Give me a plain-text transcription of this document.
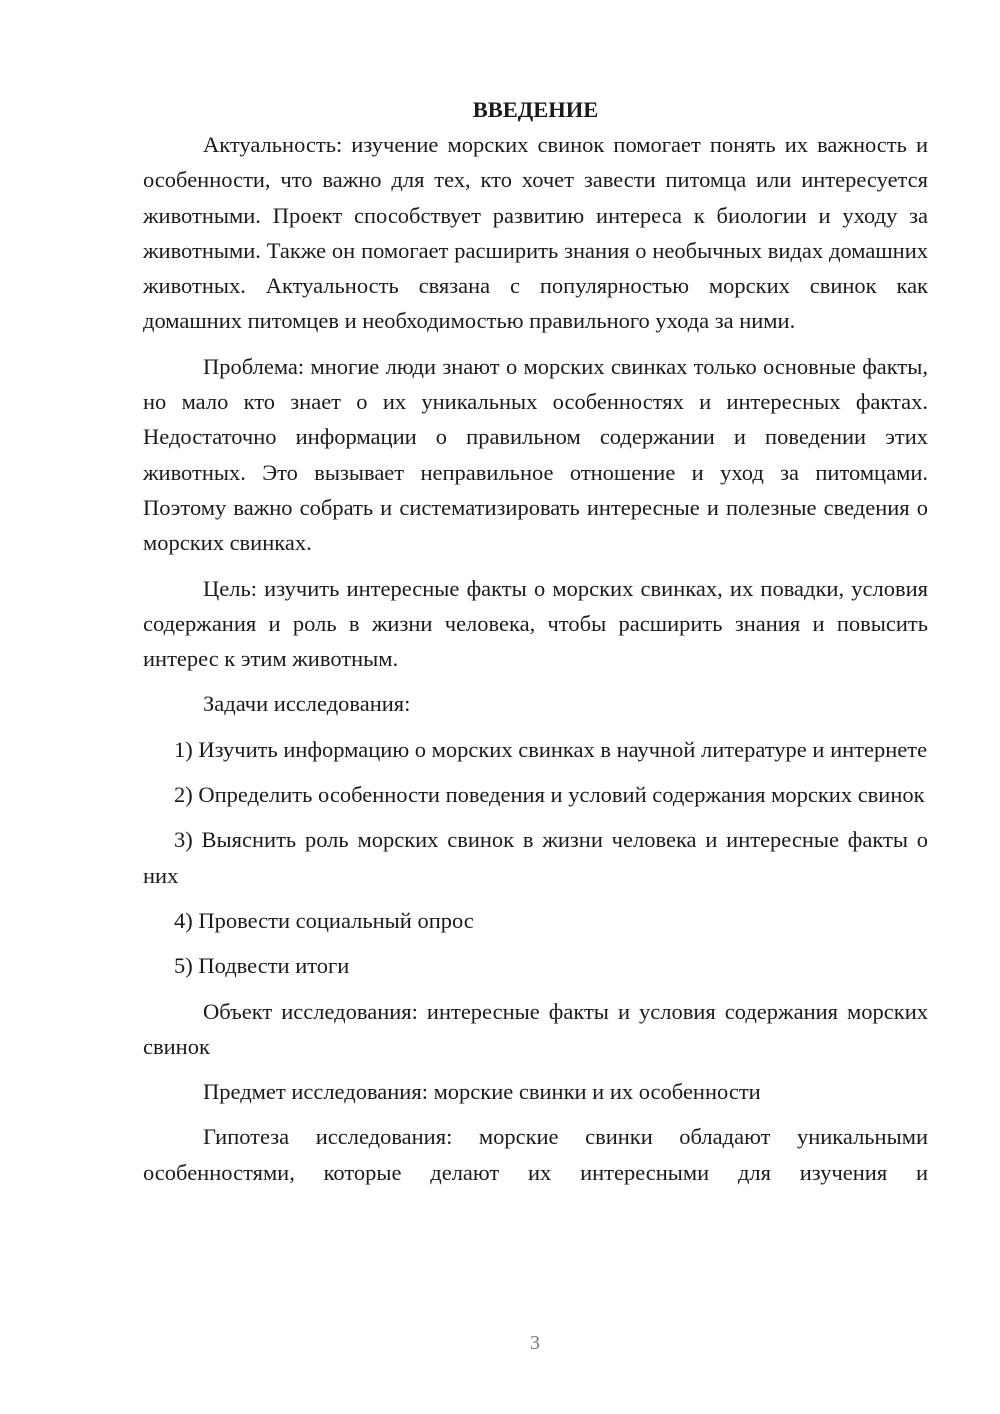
ВВЕДЕНИЕ

Актуальность: изучение морских свинок помогает понять их важность и особенности, что важно для тех, кто хочет завести питомца или интересуется животными. Проект способствует развитию интереса к биологии и уходу за животными. Также он помогает расширить знания о необычных видах домашних животных. Актуальность связана с популярностью морских свинок как домашних питомцев и необходимостью правильного ухода за ними.

Проблема: многие люди знают о морских свинках только основные факты, но мало кто знает о их уникальных особенностях и интересных фактах. Недостаточно информации о правильном содержании и поведении этих животных. Это вызывает неправильное отношение и уход за питомцами. Поэтому важно собрать и систематизировать интересные и полезные сведения о морских свинках.

Цель: изучить интересные факты о морских свинках, их повадки, условия содержания и роль в жизни человека, чтобы расширить знания и повысить интерес к этим животным.

Задачи исследования:

1) Изучить информацию о морских свинках в научной литературе и интернете

2) Определить особенности поведения и условий содержания морских свинок

3) Выяснить роль морских свинок в жизни человека и интересные факты о них

4) Провести социальный опрос

5) Подвести итоги

Объект исследования: интересные факты и условия содержания морских свинок

Предмет исследования: морские свинки и их особенности

Гипотеза исследования: морские свинки обладают уникальными особенностями, которые делают их интересными для изучения и

3
